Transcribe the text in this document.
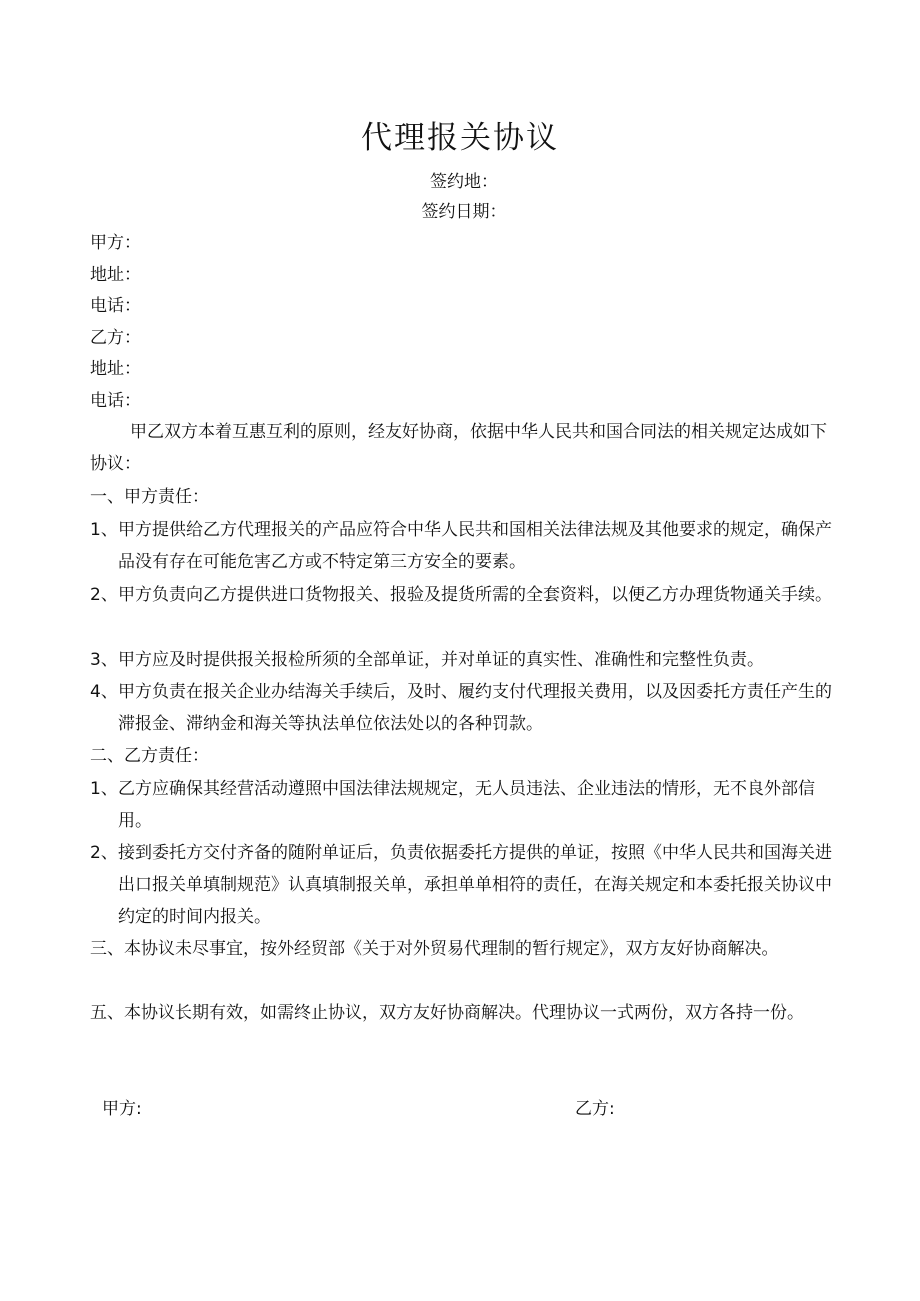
代理报关协议
签约地：
签约日期：
甲方：
地址：
电话：
乙方：
地址：
电话：

甲乙双方本着互惠互利的原则，经友好协商，依据中华人民共和国合同法的相关规定达成如下协议：

一、甲方责任：
1、 甲方提供给乙方代理报关的产品应符合中华人民共和国相关法律法规及其他要求的规定，确保产品没有存在可能危害乙方或不特定第三方安全的要素。

2、 甲方负责向乙方提供进口货物报关、报验及提货所需的全套资料，以便乙方办理货物通关手续。

3、 甲方应及时提供报关报检所须的全部单证，并对单证的真实性、准确性和完整性负责。

4、 甲方负责在报关企业办结海关手续后，及时、履约支付代理报关费用，以及因委托方责任产生的滞报金、滞纳金和海关等执法单位依法处以的各种罚款。

二、乙方责任：
1、 乙方应确保其经营活动遵照中国法律法规规定，无人员违法、企业违法的情形，无不良外部信用。

2、 接到委托方交付齐备的随附单证后，负责依据委托方提供的单证，按照《中华人民共和国海关进出口报关单填制规范》认真填制报关单，承担单单相符的责任，在海关规定和本委托报关协议中约定的时间内报关。

三、本协议未尽事宜，按外经贸部《关于对外贸易代理制的暂行规定》，双方友好协商解决。

五、本协议长期有效，如需终止协议，双方友好协商解决。代理协议一式两份，双方各持一份。

甲方:	乙方:
